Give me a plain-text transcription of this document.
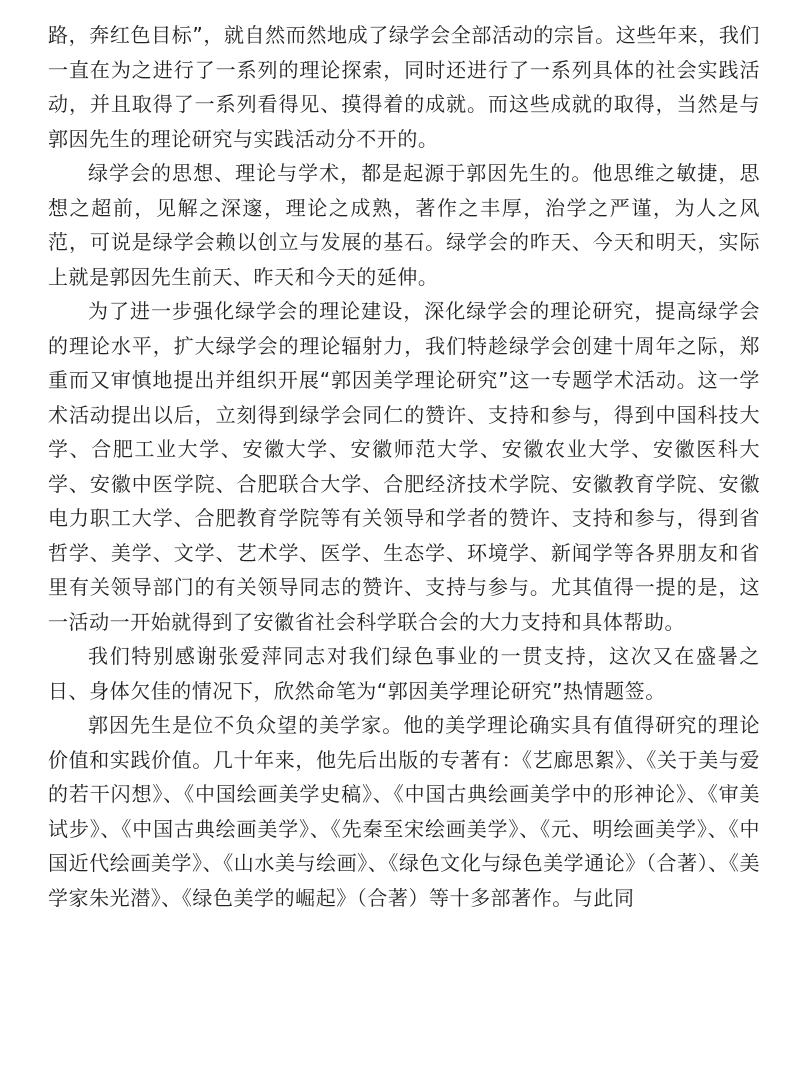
路，奔红色目标”，就自然而然地成了绿学会全部活动的宗旨。这些年来，我们一直在为之进行了一系列的理论探索，同时还进行了一系列具体的社会实践活动，并且取得了一系列看得见、摸得着的成就。而这些成就的取得，当然是与郭因先生的理论研究与实践活动分不开的。

绿学会的思想、理论与学术，都是起源于郭因先生的。他思维之敏捷，思想之超前，见解之深邃，理论之成熟，著作之丰厚，治学之严谨，为人之风范，可说是绿学会赖以创立与发展的基石。绿学会的昨天、今天和明天，实际上就是郭因先生前天、昨天和今天的延伸。

为了进一步强化绿学会的理论建设，深化绿学会的理论研究，提高绿学会的理论水平，扩大绿学会的理论辐射力，我们特趁绿学会创建十周年之际，郑重而又审慎地提出并组织开展“郭因美学理论研究”这一专题学术活动。这一学术活动提出以后，立刻得到绿学会同仁的赞许、支持和参与，得到中国科技大学、合肥工业大学、安徽大学、安徽师范大学、安徽农业大学、安徽医科大学、安徽中医学院、合肥联合大学、合肥经济技术学院、安徽教育学院、安徽电力职工大学、合肥教育学院等有关领导和学者的赞许、支持和参与，得到省哲学、美学、文学、艺术学、医学、生态学、环境学、新闻学等各界朋友和省里有关领导部门的有关领导同志的赞许、支持与参与。尤其值得一提的是，这一活动一开始就得到了安徽省社会科学联合会的大力支持和具体帮助。

我们特别感谢张爱萍同志对我们绿色事业的一贯支持，这次又在盛暑之日、身体欠佳的情况下，欣然命笔为“郭因美学理论研究”热情题签。

郭因先生是位不负众望的美学家。他的美学理论确实具有值得研究的理论价值和实践价值。几十年来，他先后出版的专著有：《艺廊思絮》、《关于美与爱的若干闪想》、《中国绘画美学史稿》、《中国古典绘画美学中的形神论》、《审美试步》、《中国古典绘画美学》、《先秦至宋绘画美学》、《元、明绘画美学》、《中国近代绘画美学》、《山水美与绘画》、《绿色文化与绿色美学通论》（合著）、《美学家朱光潜》、《绿色美学的崛起》（合著）等十多部著作。与此同
